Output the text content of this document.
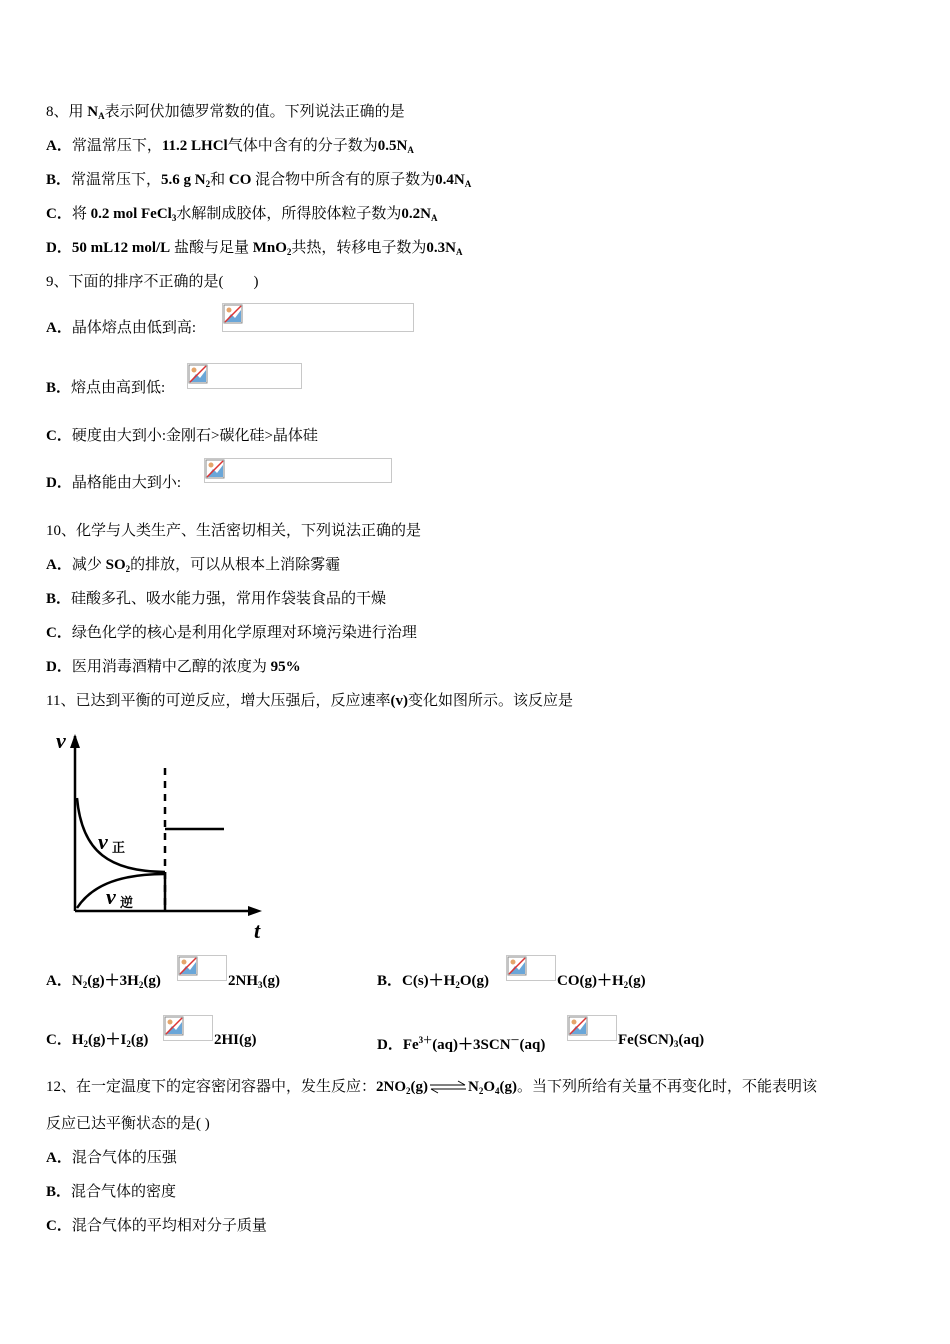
8、用 $N_A$表示阿伏加德罗常数的值。下列说法正确的是
A．常温常压下，11.2 LHCl气体中含有的分子数为$0.5N_A$
B．常温常压下，5.6 g $N_2$和 CO 混合物中所含有的原子数为$0.4N_A$
C．将 0.2 mol FeCl$_3$水解制成胶体，所得胶体粒子数为$0.2N_A$
D．50 mL12 mol/L 盐酸与足量 MnO$_2$共热，转移电子数为$0.3N_A$
9、下面的排序不正确的是(　　)
A．晶体熔点由低到高:
B．熔点由高到低:
C．硬度由大到小:金刚石>碳化硅>晶体硅
D．晶格能由大到小:
10、化学与人类生产、生活密切相关，下列说法正确的是
A．减少 $SO_2$的排放，可以从根本上消除雾霾
B．硅酸多孔、吸水能力强，常用作袋装食品的干燥
C．绿色化学的核心是利用化学原理对环境污染进行治理
D．医用消毒酒精中乙醇的浓度为 95%
11、已达到平衡的可逆反应，增大压强后，反应速率(v)变化如图所示。该反应是
v
t
v 正
v 逆
A．$N_2(g)+3H_2(g)$	$2NH_3(g)$	B．$C(s)+H_2O(g)$	$CO(g)+H_2(g)$
C．$H_2(g)+I_2(g)$	2HI(g)	D．$Fe^{3+}(aq)+3SCN^-(aq)$	$Fe(SCN)_3(aq)$
12、在一定温度下的定容密闭容器中，发生反应：$2NO_2(g)\rightleftharpoons N_2O_4(g)$。当下列所给有关量不再变化时，不能表明该
反应已达平衡状态的是( )
A．混合气体的压强
B．混合气体的密度
C．混合气体的平均相对分子质量
